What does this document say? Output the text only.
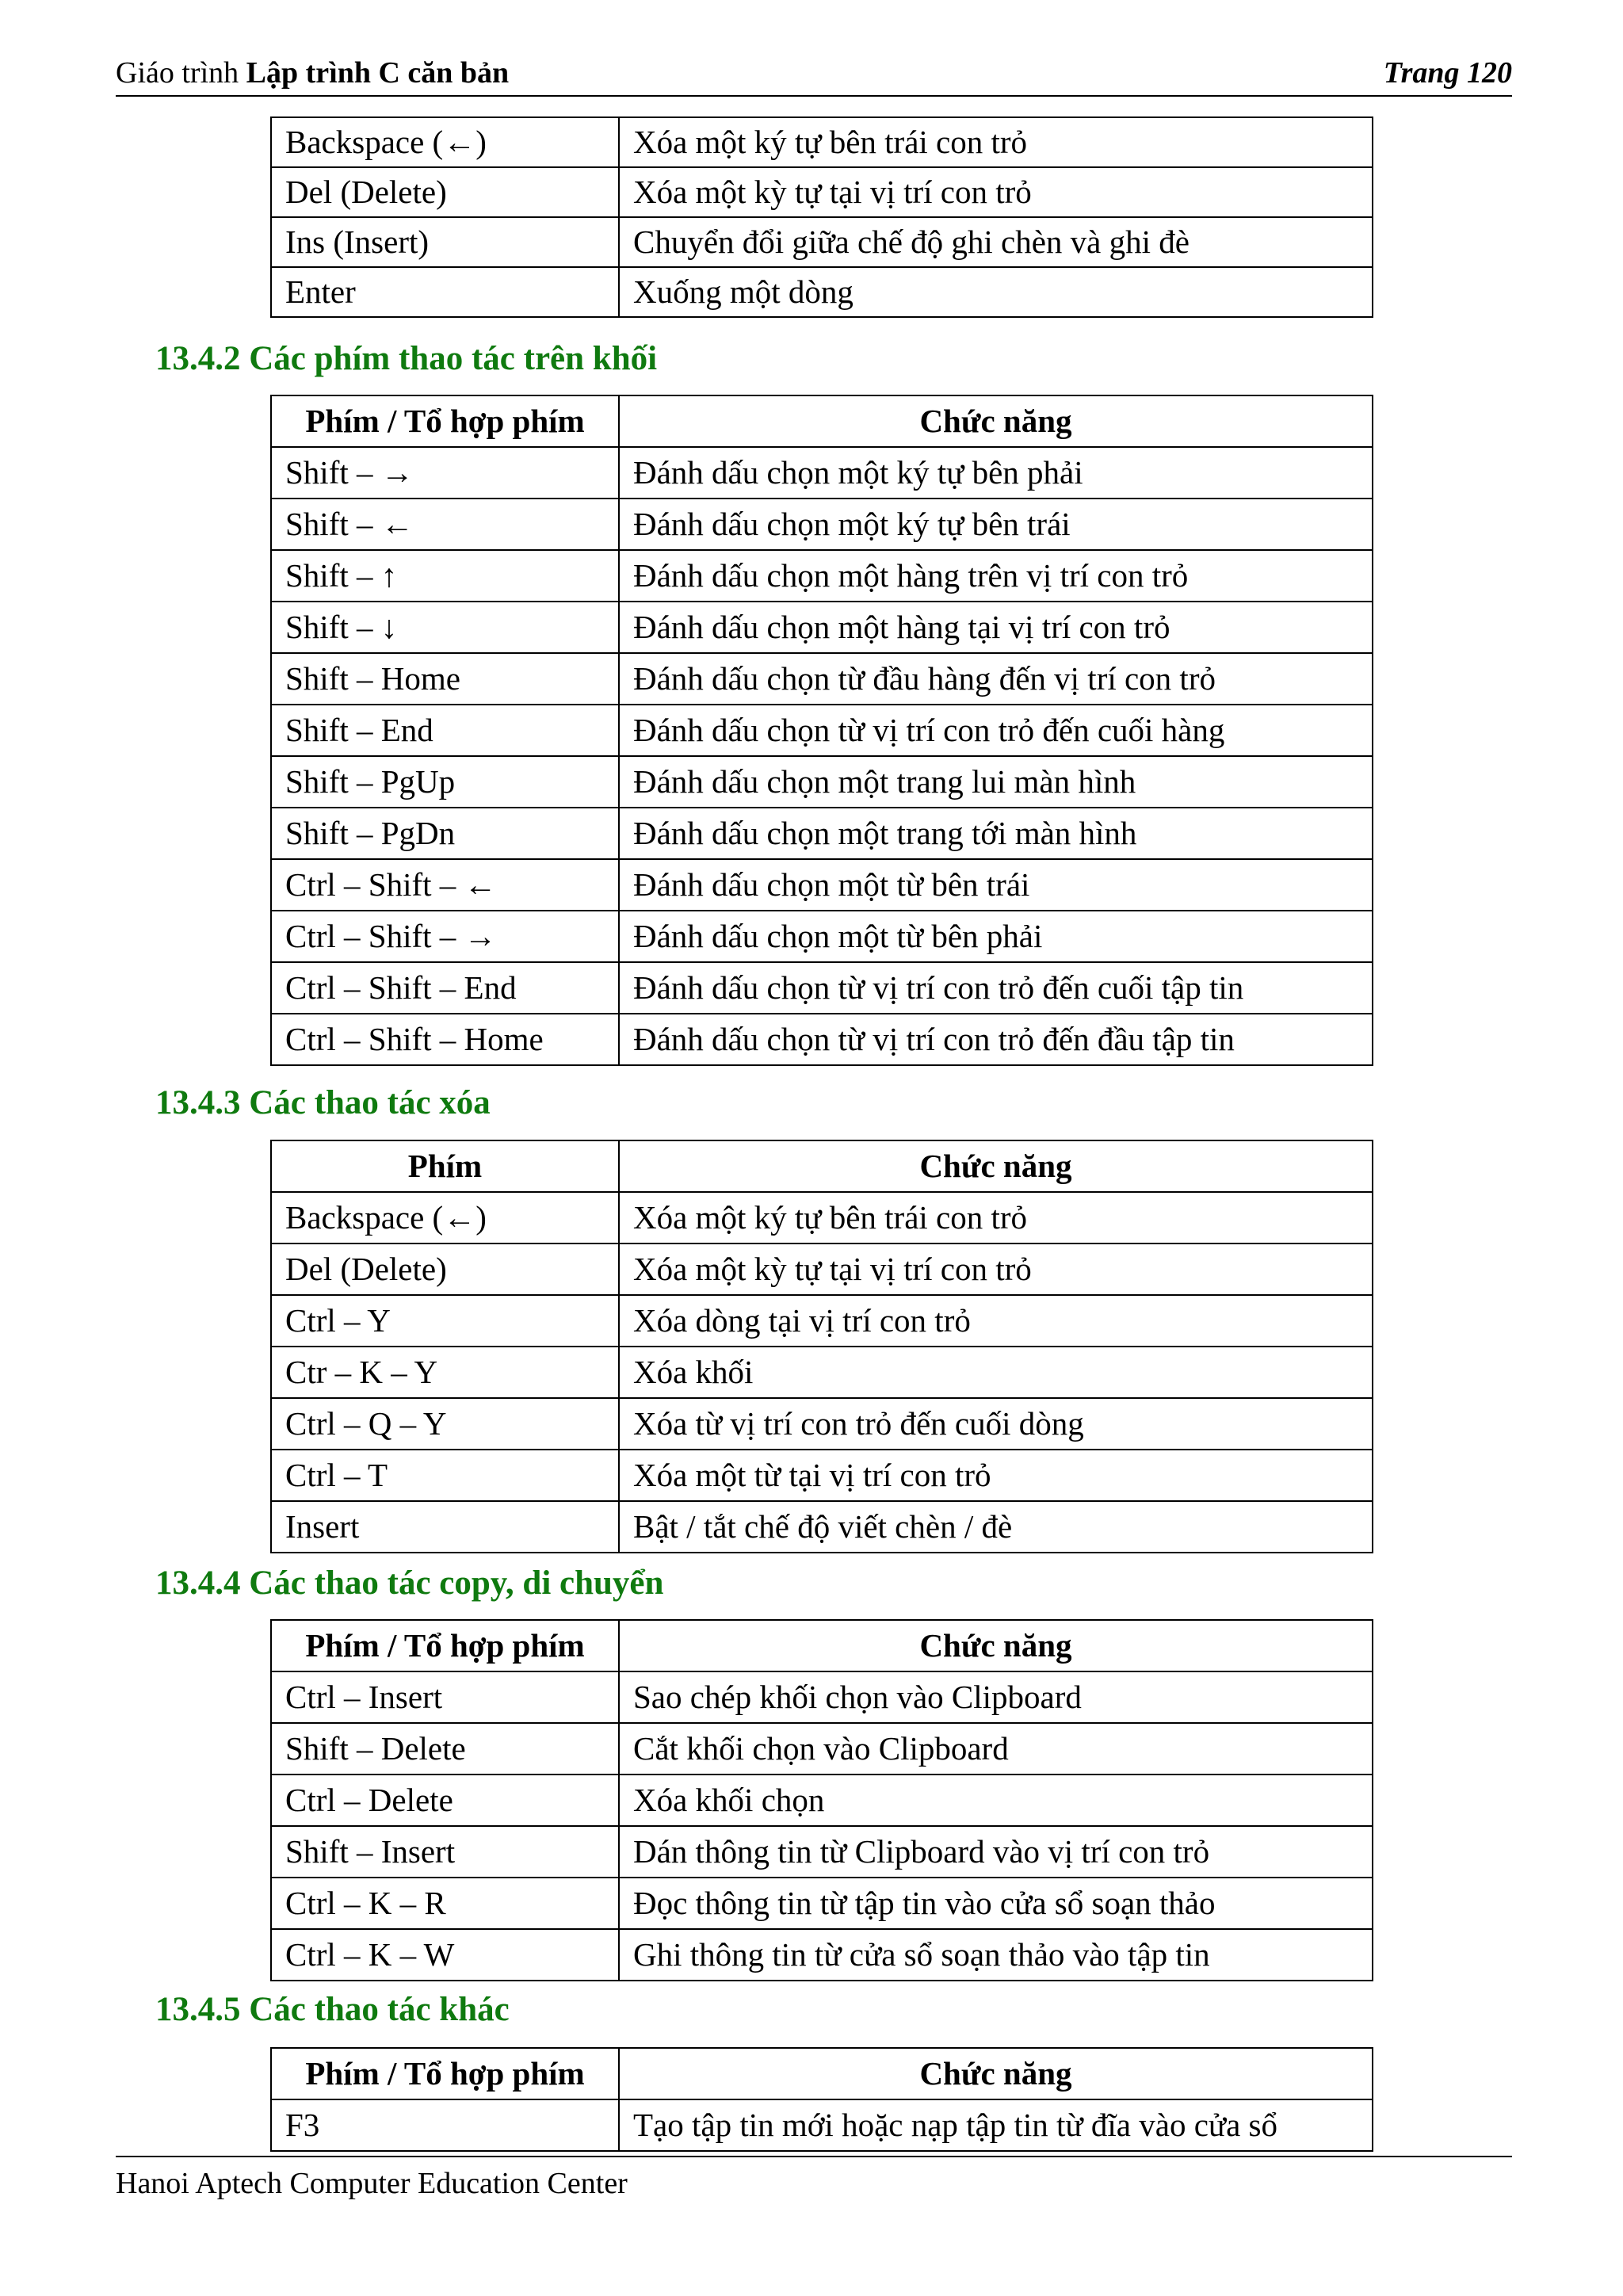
Giáo trình Lập trình C căn bản	Trang 120
Backspace (←)	Xóa một ký tự bên trái con trỏ
Del (Delete)	Xóa một kỳ tự tại vị trí con trỏ
Ins (Insert)	Chuyển đổi giữa chế độ ghi chèn và ghi đè
Enter	Xuống một dòng
13.4.2 Các phím thao tác trên khối
Phím / Tổ hợp phím	Chức năng
Shift – →	Đánh dấu chọn một ký tự bên phải
Shift – ←	Đánh dấu chọn một ký tự bên trái
Shift – ↑	Đánh dấu chọn một hàng trên vị trí con trỏ
Shift – ↓	Đánh dấu chọn một hàng tại vị trí con trỏ
Shift – Home	Đánh dấu chọn từ đầu hàng đến vị trí con trỏ
Shift – End	Đánh dấu chọn từ vị trí con trỏ đến cuối hàng
Shift – PgUp	Đánh dấu chọn một trang lui màn hình
Shift – PgDn	Đánh dấu chọn một trang tới màn hình
Ctrl – Shift – ←	Đánh dấu chọn một từ bên trái
Ctrl – Shift – →	Đánh dấu chọn một từ bên phải
Ctrl – Shift – End	Đánh dấu chọn từ vị trí con trỏ đến cuối tập tin
Ctrl – Shift – Home	Đánh dấu chọn từ vị trí con trỏ đến đầu tập tin
13.4.3 Các thao tác xóa
Phím	Chức năng
Backspace (←)	Xóa một ký tự bên trái con trỏ
Del (Delete)	Xóa một kỳ tự tại vị trí con trỏ
Ctrl – Y	Xóa dòng tại vị trí con trỏ
Ctr – K – Y	Xóa khối
Ctrl – Q – Y	Xóa từ vị trí con trỏ đến cuối dòng
Ctrl – T	Xóa một từ tại vị trí con trỏ
Insert	Bật / tắt chế độ viết chèn / đè
13.4.4 Các thao tác copy, di chuyển
Phím / Tổ hợp phím	Chức năng
Ctrl – Insert	Sao chép khối chọn vào Clipboard
Shift – Delete	Cắt khối chọn vào Clipboard
Ctrl – Delete	Xóa khối chọn
Shift – Insert	Dán thông tin từ Clipboard vào vị trí con trỏ
Ctrl – K – R	Đọc thông tin từ tập tin vào cửa sổ soạn thảo
Ctrl – K – W	Ghi thông tin từ cửa sổ soạn thảo vào tập tin
13.4.5 Các thao tác khác
Phím / Tổ hợp phím	Chức năng
F3	Tạo tập tin mới hoặc nạp tập tin từ đĩa vào cửa sổ
Hanoi Aptech Computer Education Center
